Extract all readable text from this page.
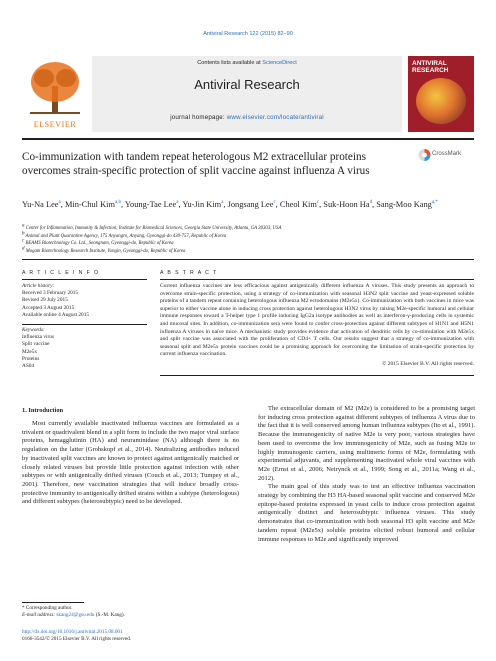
Antiviral Research 122 (2015) 82–90
ELSEVIER
Contents lists available at ScienceDirect
Antiviral Research
journal homepage: www.elsevier.com/locate/antiviral
ANTIVIRAL RESEARCH
Co-immunization with tandem repeat heterologous M2 extracellular proteins overcomes strain-specific protection of split vaccine against influenza A virus
CrossMark
Yu-Na Lee$^a$, Min-Chul Kim$^{a,b}$, Young-Tae Lee$^a$, Yu-Jin Kim$^a$, Jongsang Lee$^c$, Cheol Kim$^c$, Suk-Hoon Ha$^d$, Sang-Moo Kang$^{a,*}$
$^a$ Center for Inflammation, Immunity & Infection, Institute for Biomedical Sciences, Georgia State University, Atlanta, GA 30303, USA
$^b$ Animal and Plant Quarantine Agency, 175 Anyangro, Anyang, Gyeonggi-do 430-757, Republic of Korea
$^c$ BEAMS Biotechnology Co. Ltd., Seongnam, Gyeonggi-do, Republic of Korea
$^d$ Mogam Biotechnology Research Institute, Yongin, Gyeonggi-do, Republic of Korea
A R T I C L E I N F O
Article history:
Received 3 February 2015
Revised 29 July 2015
Accepted 3 August 2015
Available online 4 August 2015
Keywords:
Influenza virus
Split vaccine
M2e5x
Proteins
AS04
A B S T R A C T
Current influenza vaccines are less efficacious against antigenically different influenza A viruses. This study presents an approach to overcome strain-specific protection, using a strategy of co-immunization with seasonal H3N2 split vaccine and yeast-expressed soluble proteins of a tandem repeat containing heterologous influenza M2 ectodomains (M2e5x). Co-immunization with both vaccines in mice was superior to either vaccine alone in inducing cross protection against heterologous H3N2 virus by raising M2e-specific humoral and cellular immune responses toward a T-helper type 1 profile inducing IgG2a isotype antibodies as well as interferon-γ-producing cells in systemic and mucosal sites. In addition, co-immunization sera were found to confer cross-protection against different subtypes of H1N1 and H5N1 influenza A viruses in naïve mice. A mechanistic study provides evidence that activation of dendritic cells by co-stimulation with M2e5x and split vaccine was associated with the proliferation of CD4+ T cells. Our results suggest that a strategy of co-immunization with seasonal split and M2e5x protein vaccines could be a promising approach for overcoming the limitation of strain-specific protection by current influenza vaccination.
© 2015 Elsevier B.V. All rights reserved.
1. Introduction

Most currently available inactivated influenza vaccines are formulated as a trivalent or quadrivalent blend in a split form to include the two major viral surface proteins, hemagglutinin (HA) and neuraminidase (NA) although there is no regulation on the latter (Grohskopf et al., 2014). Neutralizing antibodies induced by inactivated split vaccines are known to protect against antigenically matched or closely related viruses but provide little protection against infection with other subtypes or with antigenically drifted viruses (Couch et al., 2013; Tumpey et al., 2001). Therefore, new vaccination strategies that will induce broadly cross-protective immunity to antigenically drifted strains within a subtype (heterologous) and different subtypes (heterosubtypic) need to be developed.

The extracellular domain of M2 (M2e) is considered to be a promising target for inducing cross protection against different subtypes of influenza A virus due to the fact that it is well conserved among human influenza subtypes (Ito et al., 1991). Because the immunogenicity of native M2e is very poor, various strategies have been used to overcome the low immunogenicity of M2e, such as fusing M2e to highly immunogenic carriers, using multimeric forms of M2e, formulating with experimental adjuvants, and supplementing inactivated whole viral vaccines with M2e (Ernst et al., 2006; Neirynck et al., 1999; Song et al., 2011a; Wang et al., 2012).

The main goal of this study was to test an effective influenza vaccination strategy by combining the H3 HA-based seasonal split vaccine and conserved M2e epitope-based proteins expressed in yeast cells to induce cross protection against antigenically distinct and heterosubtypic influenza viruses. This study demonstrates that co-immunization with both seasonal H3 split vaccine and M2e tandem repeat (M2e5x) soluble proteins elicited robust humoral and cellular immune responses to M2e and significantly improved

* Corresponding author.
E-mail address: skang24@gsu.edu (S.-M. Kang).
http://dx.doi.org/10.1016/j.antiviral.2015.08.001
0166-3542/© 2015 Elsevier B.V. All rights reserved.
